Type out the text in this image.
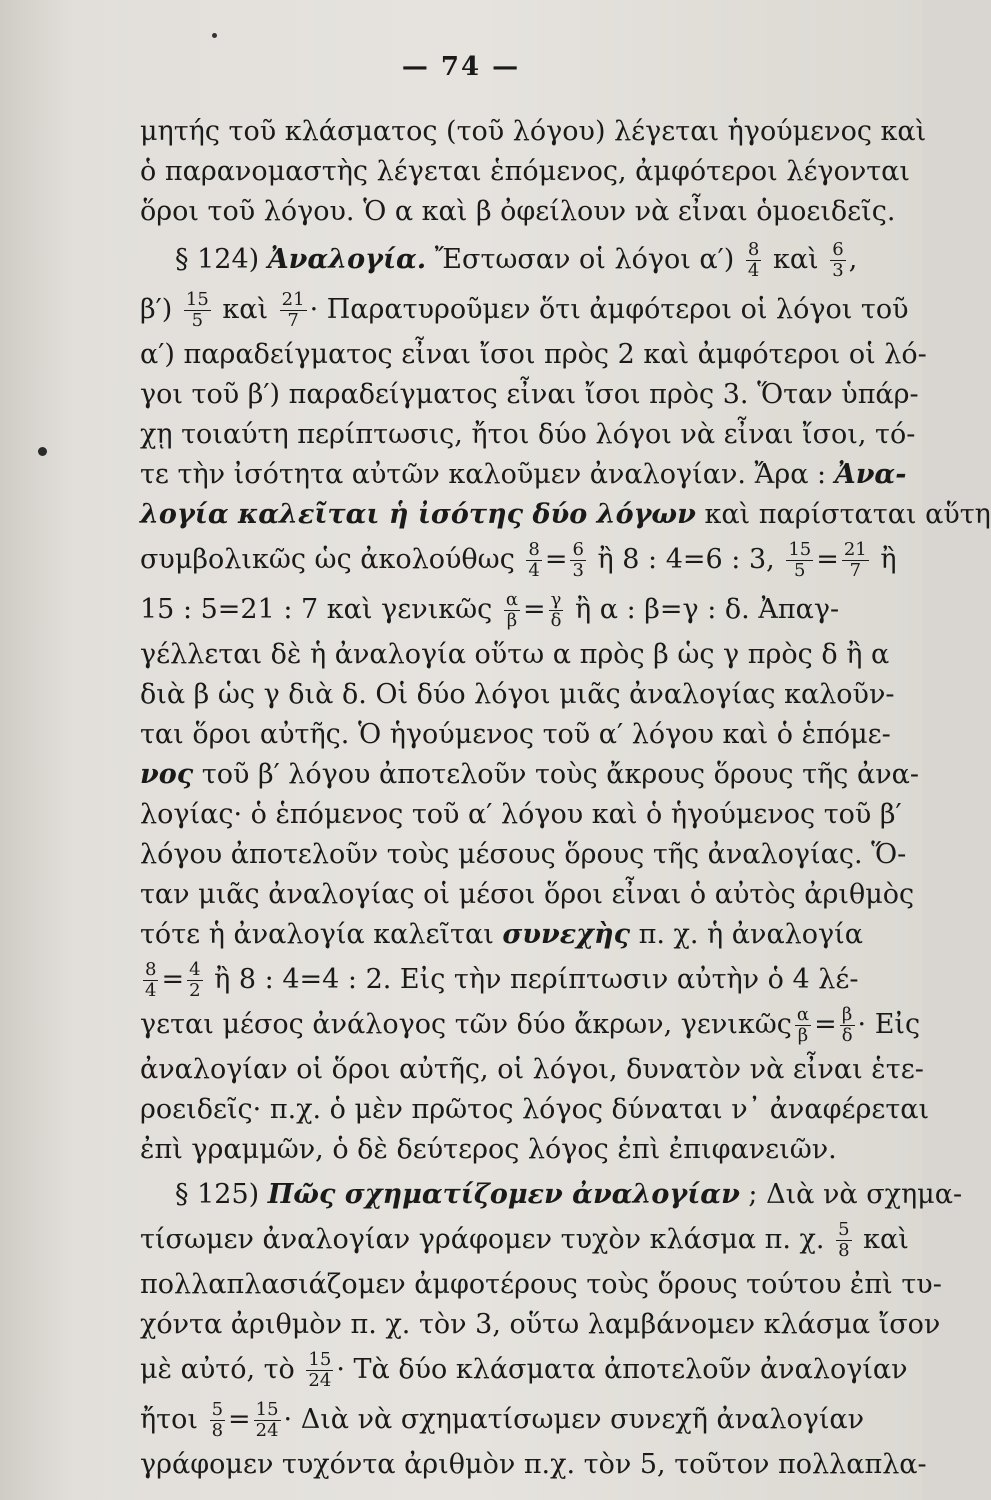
— 74 —
μητής τοῦ κλάσματος (τοῦ λόγου) λέγεται ἡγούμενος καὶ
ὁ παρανομαστὴς λέγεται ἑπόμενος, ἀμφότεροι λέγονται
ὅροι τοῦ λόγου. Ὁ α καὶ β ὀφείλουν νὰ εἶναι ὁμοειδεῖς.
§ 124) Ἀναλογία. Ἔστωσαν οἱ λόγοι $\alpha') \frac{8}{4}$ καὶ $\frac{6}{3}$ ,
$\beta') \frac{15}{5}$ καὶ $\frac{21}{7}$ · Παρατυροῦμεν ὅτι ἀμφότεροι οἱ λόγοι τοῦ
α′) παραδείγματος εἶναι ἴσοι πρὸς 2 καὶ ἀμφότεροι οἱ λό-
γοι τοῦ β′) παραδείγματος εἶναι ἴσοι πρὸς 3. Ὅταν ὑπάρ-
χῃ τοιαύτη περίπτωσις, ἤτοι δύο λόγοι νὰ εἶναι ἴσοι, τό-
τε τὴν ἰσότητα αὐτῶν καλοῦμεν ἀναλογίαν. Ἄρα : Ἀνα-
λογία καλεῖται ἡ ἰσότης δύο λόγων καὶ παρίσταται αὕτη
συμβολικῶς ὡς ἀκολούθως $\frac{8}{4} = \frac{6}{3}$ ἢ 8 : 4=6 : 3, $\frac{15}{5} = \frac{21}{7}$ ἢ
15 : 5=21 : 7 καὶ γενικῶς $\frac{\alpha}{\beta} = \frac{\gamma}{\delta}$ ἢ α : β=γ : δ. Ἀπαγ-
γέλλεται δὲ ἡ ἀναλογία οὕτω α πρὸς β ὡς γ πρὸς δ ἢ α
διὰ β ὡς γ διὰ δ. Οἱ δύο λόγοι μιᾶς ἀναλογίας καλοῦν-
ται ὅροι αὐτῆς. Ὁ ἡγούμενος τοῦ α′ λόγου καὶ ὁ ἑπόμε-
νος τοῦ β′ λόγου ἀποτελοῦν τοὺς ἄκρους ὅρους τῆς ἀνα-
λογίας· ὁ ἑπόμενος τοῦ α′ λόγου καὶ ὁ ἡγούμενος τοῦ β′
λόγου ἀποτελοῦν τοὺς μέσους ὅρους τῆς ἀναλογίας. Ὅ-
ταν μιᾶς ἀναλογίας οἱ μέσοι ὅροι εἶναι ὁ αὐτὸς ἀριθμὸς
τότε ἡ ἀναλογία καλεῖται συνεχὴς π. χ. ἡ ἀναλογία
$\frac{8}{4} = \frac{4}{2}$ ἢ 8 : 4=4 : 2. Εἰς τὴν περίπτωσιν αὐτὴν ὁ 4 λέ-
γεται μέσος ἀνάλογος τῶν δύο ἄκρων, γενικῶς $\frac{\alpha}{\beta} = \frac{\beta}{\delta}$ · Εἰς
ἀναλογίαν οἱ ὅροι αὐτῆς, οἱ λόγοι, δυνατὸν νὰ εἶναι ἑτε-
ροειδεῖς· π.χ. ὁ μὲν πρῶτος λόγος δύναται ν᾿ ἀναφέρεται
ἐπὶ γραμμῶν, ὁ δὲ δεύτερος λόγος ἐπὶ ἐπιφανειῶν.
§ 125) Πῶς σχηματίζομεν ἀναλογίαν ; Διὰ νὰ σχημα-
τίσωμεν ἀναλογίαν γράφομεν τυχὸν κλάσμα π. χ. $\frac{5}{8}$ καὶ
πολλαπλασιάζομεν ἀμφοτέρους τοὺς ὅρους τούτου ἐπὶ τυ-
χόντα ἀριθμὸν π. χ. τὸν 3, οὕτω λαμβάνομεν κλάσμα ἴσον
μὲ αὐτό, τὸ $\frac{15}{24}$ · Τὰ δύο κλάσματα ἀποτελοῦν ἀναλογίαν
ἤτοι $\frac{5}{8} = \frac{15}{24}$ · Διὰ νὰ σχηματίσωμεν συνεχῆ ἀναλογίαν
γράφομεν τυχόντα ἀριθμὸν π.χ. τὸν 5, τοῦτον πολλαπλα-
